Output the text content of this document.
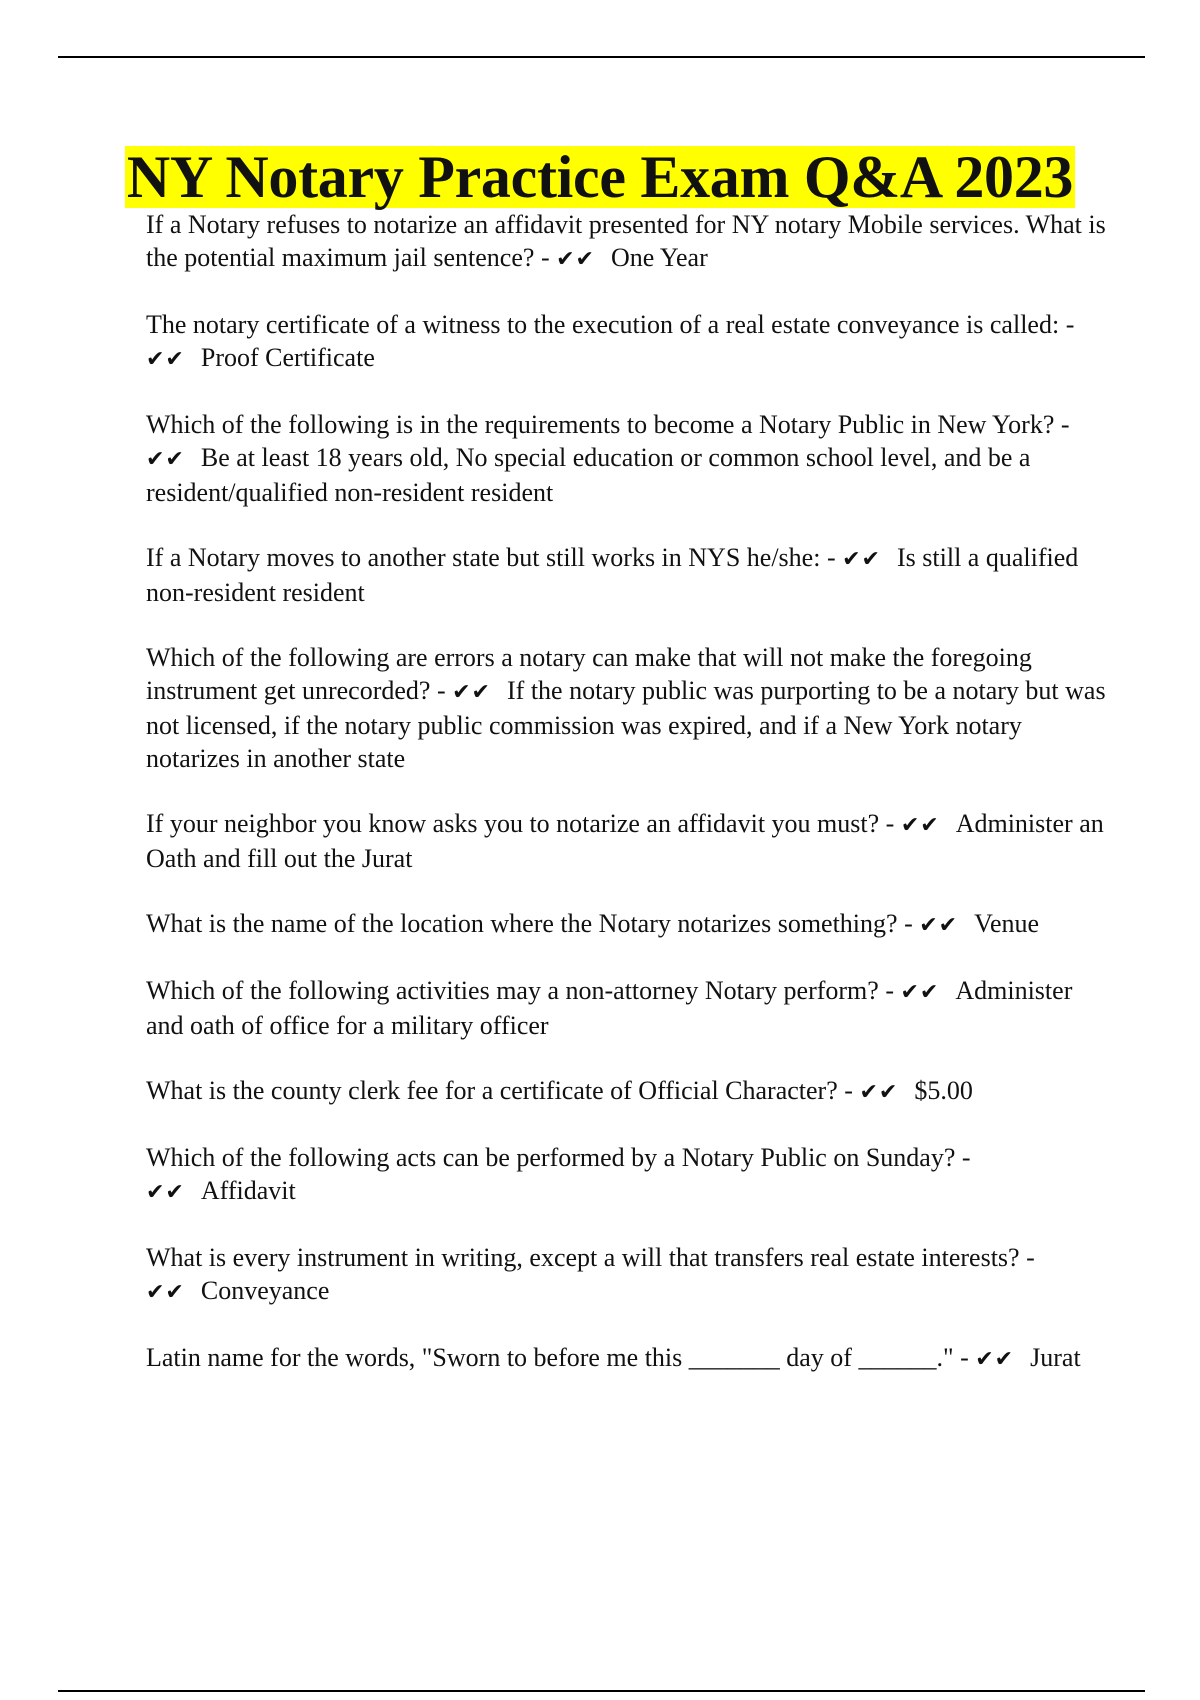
NY Notary Practice Exam Q&A 2023

If a Notary refuses to notarize an affidavit presented for NY notary Mobile services. What is the potential maximum jail sentence? - ✔✔ One Year

The notary certificate of a witness to the execution of a real estate conveyance is called: - ✔✔ Proof Certificate

Which of the following is in the requirements to become a Notary Public in New York? - ✔✔ Be at least 18 years old, No special education or common school level, and be a resident/qualified non-resident resident

If a Notary moves to another state but still works in NYS he/she: - ✔✔ Is still a qualified non-resident resident

Which of the following are errors a notary can make that will not make the foregoing instrument get unrecorded? - ✔✔ If the notary public was purporting to be a notary but was not licensed, if the notary public commission was expired, and if a New York notary notarizes in another state

If your neighbor you know asks you to notarize an affidavit you must? - ✔✔ Administer an Oath and fill out the Jurat

What is the name of the location where the Notary notarizes something? - ✔✔ Venue

Which of the following activities may a non-attorney Notary perform? - ✔✔ Administer and oath of office for a military officer

What is the county clerk fee for a certificate of Official Character? - ✔✔ $5.00

Which of the following acts can be performed by a Notary Public on Sunday? - ✔✔ Affidavit

What is every instrument in writing, except a will that transfers real estate interests? - ✔✔ Conveyance

Latin name for the words, "Sworn to before me this _______ day of ______." - ✔✔ Jurat
